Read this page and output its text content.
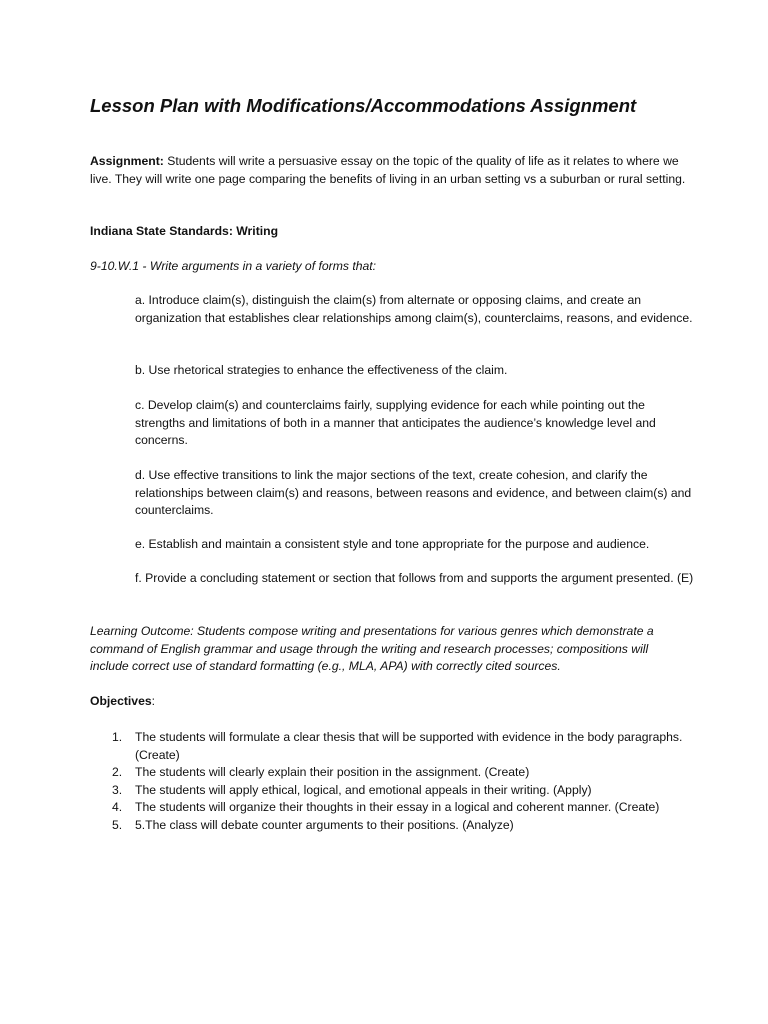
Lesson Plan with Modifications/Accommodations Assignment

Assignment: Students will write a persuasive essay on the topic of the quality of life as it relates to where we live. They will write one page comparing the benefits of living in an urban setting vs a suburban or rural setting.

Indiana State Standards: Writing

9-10.W.1 - Write arguments in a variety of forms that:

a. Introduce claim(s), distinguish the claim(s) from alternate or opposing claims, and create an organization that establishes clear relationships among claim(s), counterclaims, reasons, and evidence.

b. Use rhetorical strategies to enhance the effectiveness of the claim.

c. Develop claim(s) and counterclaims fairly, supplying evidence for each while pointing out the strengths and limitations of both in a manner that anticipates the audience’s knowledge level and concerns.

d. Use effective transitions to link the major sections of the text, create cohesion, and clarify the relationships between claim(s) and reasons, between reasons and evidence, and between claim(s) and counterclaims.

e. Establish and maintain a consistent style and tone appropriate for the purpose and audience.

f. Provide a concluding statement or section that follows from and supports the argument presented. (E)

Learning Outcome: Students compose writing and presentations for various genres which demonstrate a command of English grammar and usage through the writing and research processes; compositions will include correct use of standard formatting (e.g., MLA, APA) with correctly cited sources.

Objectives:

1. The students will formulate a clear thesis that will be supported with evidence in the body paragraphs. (Create)
2. The students will clearly explain their position in the assignment. (Create)
3. The students will apply ethical, logical, and emotional appeals in their writing. (Apply)
4. The students will organize their thoughts in their essay in a logical and coherent manner. (Create)
5. 5.The class will debate counter arguments to their positions. (Analyze)
